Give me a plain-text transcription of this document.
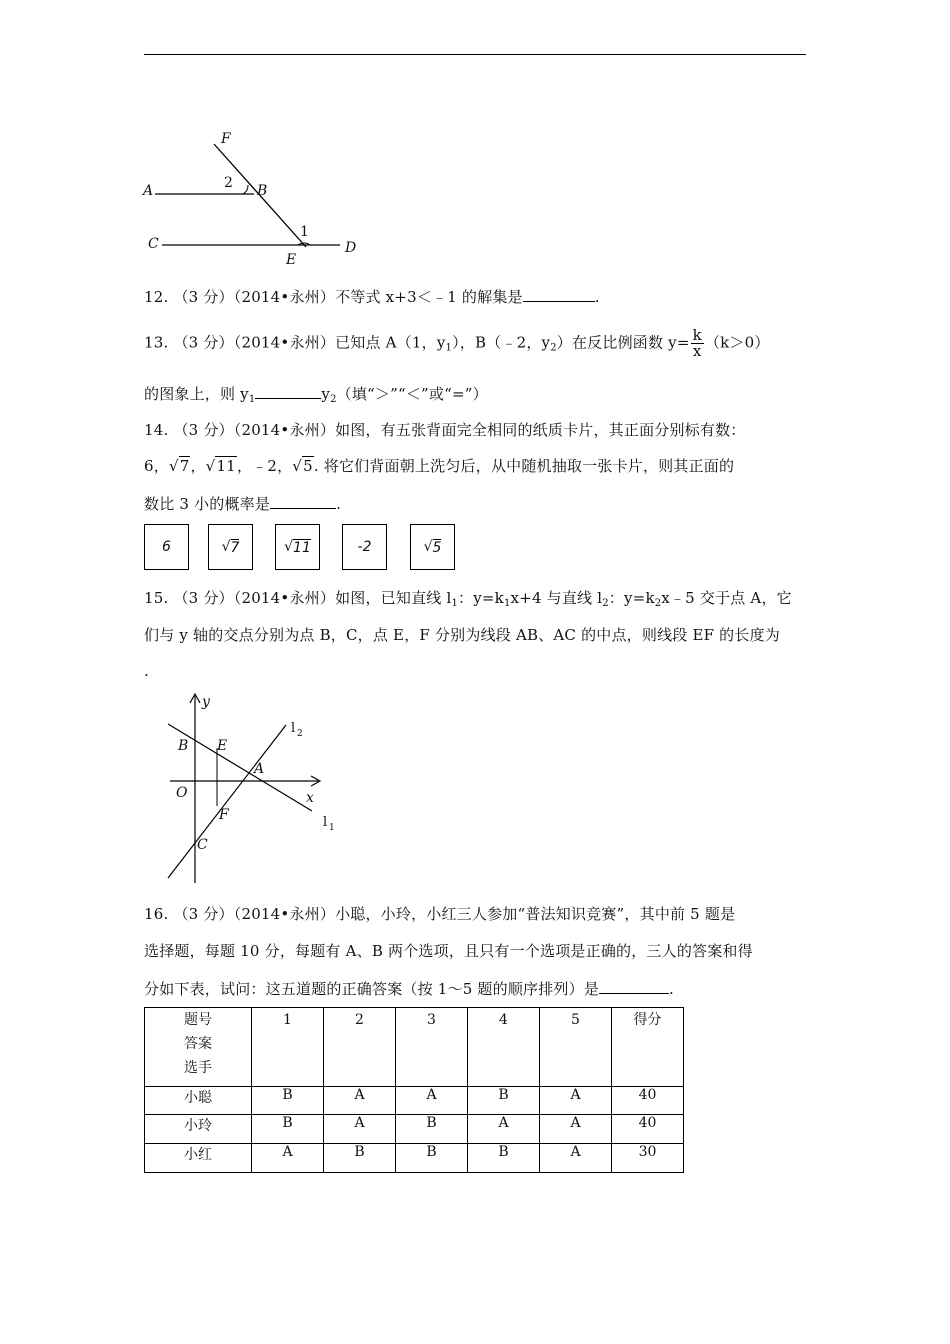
F
A	2 B
1
C	D
E
12. （3 分）（2014•永州）不等式 x+3＜﹣1 的解集是	.
13. （3 分）（2014•永州）已知点 A（1，$y_1$），B（﹣2，$y_2$）在反比例函数 $y= \frac{k}{x} (k>0)$
的图象上，则 $y_1$	$y_2$（填“＞”“＜”或“=”）
14. （3 分）（2014•永州）如图，有五张背面完全相同的纸质卡片，其正面分别标有数：
6，√7，√11，﹣2，√5. 将它们背面朝上洗匀后，从中随机抽取一张卡片，则其正面的
数比 3 小的概率是	.
6	√ 7	√ 11	-2	√ 5
15. （3 分）（2014•永州）如图，已知直线 $l_1$：$y=k_1x+4$ 与直线 $l_2$：$y=k_2x﹣5$ 交于点 A，它
们与 y 轴的交点分别为点 B，C，点 E，F 分别为线段 AB、AC 的中点，则线段 EF 的长度为
.
y
l 2
B E
A
O	x
F	l 1
C
16. （3 分）（2014•永州）小聪，小玲，小红三人参加“普法知识竞赛”，其中前 5 题是
选择题，每题 10 分，每题有 A、B 两个选项，且只有一个选项是正确的，三人的答案和得
分如下表，试问：这五道题的正确答案（按 1～5 题的顺序排列）是	.
题号
答案
选手	1	2	3	4	5	得分
小聪	B	A	A	B	A	40
小玲	B	A	B	A	A	40
小红	A	B	B	B	A	30
